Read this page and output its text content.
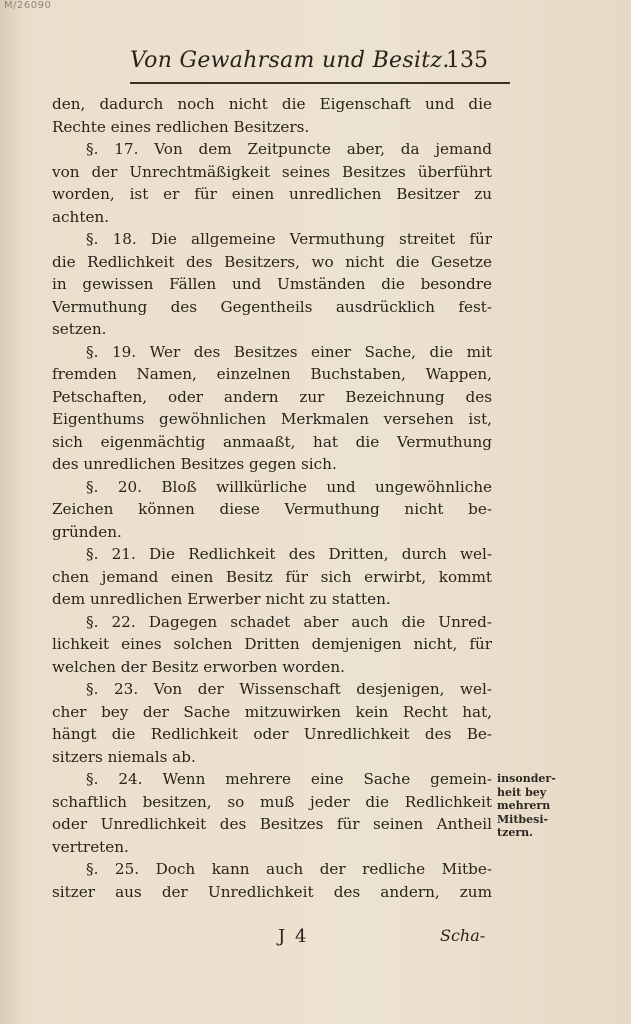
M/26090
Von Gewahrsam und Besitz.
135
den, dadurch noch nicht die Eigenschaft und die
Rechte eines redlichen Besitzers.
§. 17. Von dem Zeitpuncte aber, da jemand
von der Unrechtmäßigkeit seines Besitzes überführt
worden, ist er für einen unredlichen Besitzer zu
achten.
§. 18. Die allgemeine Vermuthung streitet für
die Redlichkeit des Besitzers, wo nicht die Gesetze
in gewissen Fällen und Umständen die besondre
Vermuthung des Gegentheils ausdrücklich fest-
setzen.
§. 19. Wer des Besitzes einer Sache, die mit
fremden Namen, einzelnen Buchstaben, Wappen,
Petschaften, oder andern zur Bezeichnung des
Eigenthums gewöhnlichen Merkmalen versehen ist,
sich eigenmächtig anmaaßt, hat die Vermuthung
des unredlichen Besitzes gegen sich.
§. 20. Bloß willkürliche und ungewöhnliche
Zeichen können diese Vermuthung nicht be-
gründen.
§. 21. Die Redlichkeit des Dritten, durch wel-
chen jemand einen Besitz für sich erwirbt, kommt
dem unredlichen Erwerber nicht zu statten.
§. 22. Dagegen schadet aber auch die Unred-
lichkeit eines solchen Dritten demjenigen nicht, für
welchen der Besitz erworben worden.
§. 23. Von der Wissenschaft desjenigen, wel-
cher bey der Sache mitzuwirken kein Recht hat,
hängt die Redlichkeit oder Unredlichkeit des Be-
sitzers niemals ab.
§. 24. Wenn mehrere eine Sache gemein-
schaftlich besitzen, so muß jeder die Redlichkeit
oder Unredlichkeit des Besitzes für seinen Antheil
vertreten.
§. 25. Doch kann auch der redliche Mitbe-
sitzer aus der Unredlichkeit des andern, zum
insonder-
heit bey
mehrern
Mitbesi-
tzern.
J 4	Scha-
